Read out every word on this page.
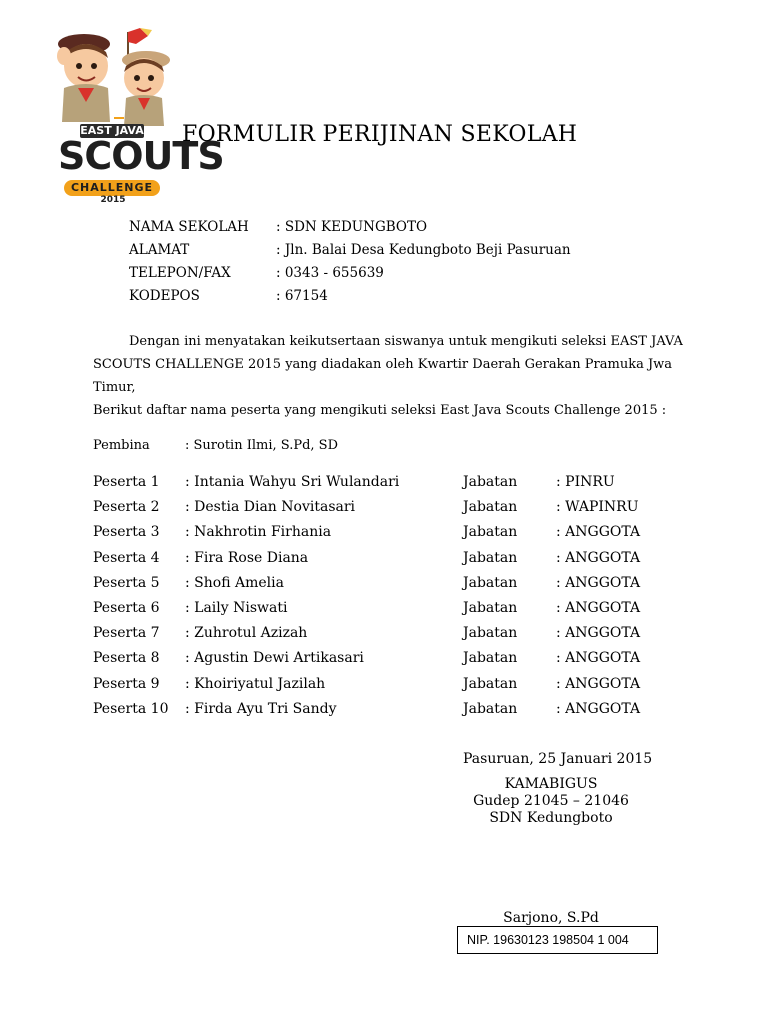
EAST JAVA
SCOUTS
CHALLENGE
2015
FORMULIR PERIJINAN SEKOLAH
NAMA SEKOLAH : SDN KEDUNGBOTO
ALAMAT	: Jln. Balai Desa Kedungboto Beji Pasuruan
TELEPON/FAX	: 0343 - 655639
KODEPOS	: 67154
Dengan ini menyatakan keikutsertaan siswanya untuk mengikuti seleksi EAST JAVA
SCOUTS CHALLENGE 2015 yang diadakan oleh Kwartir Daerah Gerakan Pramuka Jwa
Timur,
Berikut daftar nama peserta yang mengikuti seleksi East Java Scouts Challenge 2015 :
Pembina	: Surotin Ilmi, S.Pd, SD
Peserta 1 : Intania Wahyu Sri Wulandari	Jabatan	: PINRU
Peserta 2 : Destia Dian Novitasari	Jabatan	: WAPINRU
Peserta 3 : Nakhrotin Firhania	Jabatan	: ANGGOTA
Peserta 4 : Fira Rose Diana	Jabatan	: ANGGOTA
Peserta 5 : Shofi Amelia	Jabatan	: ANGGOTA
Peserta 6 : Laily Niswati	Jabatan	: ANGGOTA
Peserta 7 : Zuhrotul Azizah	Jabatan	: ANGGOTA
Peserta 8 : Agustin Dewi Artikasari	Jabatan	: ANGGOTA
Peserta 9 : Khoiriyatul Jazilah	Jabatan	: ANGGOTA
Peserta 10 : Firda Ayu Tri Sandy	Jabatan	: ANGGOTA
Pasuruan, 25 Januari 2015
KAMABIGUS
Gudep 21045 – 21046
SDN Kedungboto
Sarjono, S.Pd
NIP. 19630123 198504 1 004
